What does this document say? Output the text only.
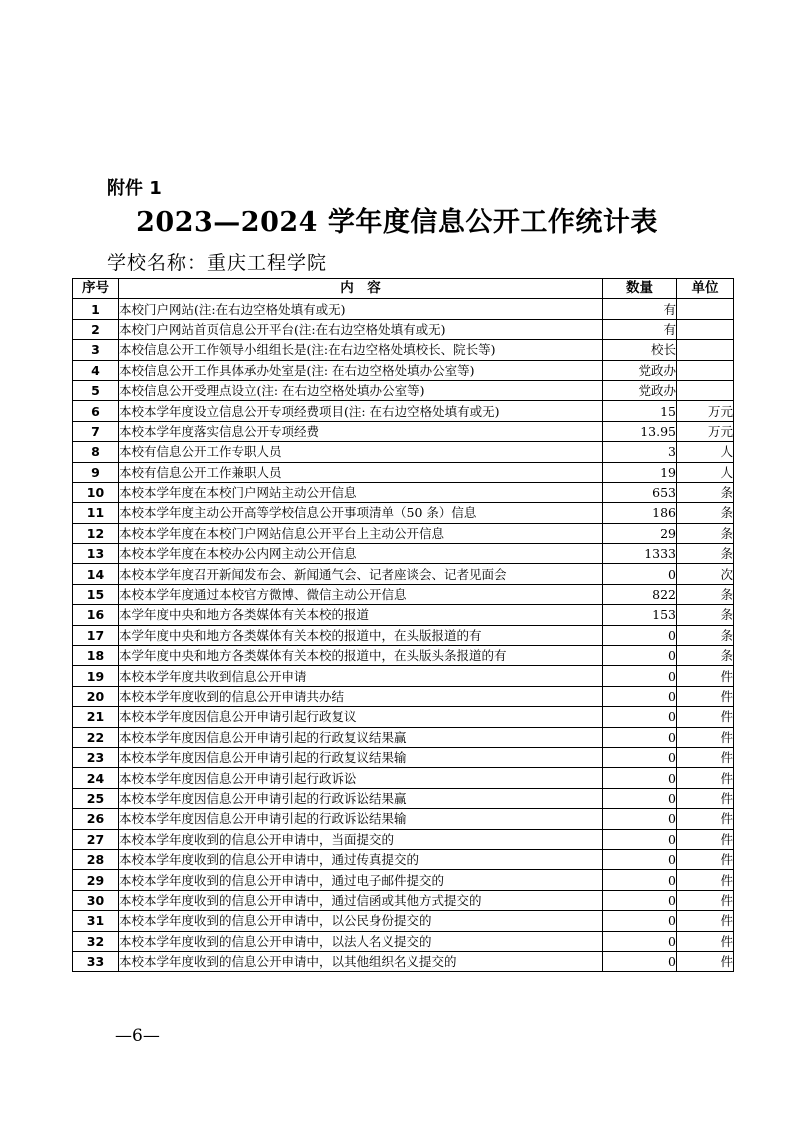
附件 1
2023—2024 学年度信息公开工作统计表
学校名称：重庆工程学院
序号	内　容	数量	单位
1	本校门户网站(注:在右边空格处填有或无)	有	
2	本校门户网站首页信息公开平台(注:在右边空格处填有或无)	有	
3	本校信息公开工作领导小组组长是(注:在右边空格处填校长、院长等)	校长	
4	本校信息公开工作具体承办处室是(注: 在右边空格处填办公室等)	党政办	
5	本校信息公开受理点设立(注: 在右边空格处填办公室等)	党政办	
6	本校本学年度设立信息公开专项经费项目(注: 在右边空格处填有或无)	15	万元
7	本校本学年度落实信息公开专项经费	13.95	万元
8	本校有信息公开工作专职人员	3	人
9	本校有信息公开工作兼职人员	19	人
10	本校本学年度在本校门户网站主动公开信息	653	条
11	本校本学年度主动公开高等学校信息公开事项清单（50 条）信息	186	条
12	本校本学年度在本校门户网站信息公开平台上主动公开信息	29	条
13	本校本学年度在本校办公内网主动公开信息	1333	条
14	本校本学年度召开新闻发布会、新闻通气会、记者座谈会、记者见面会	0	次
15	本校本学年度通过本校官方微博、微信主动公开信息	822	条
16	本学年度中央和地方各类媒体有关本校的报道	153	条
17	本学年度中央和地方各类媒体有关本校的报道中，在头版报道的有	0	条
18	本学年度中央和地方各类媒体有关本校的报道中，在头版头条报道的有	0	条
19	本校本学年度共收到信息公开申请	0	件
20	本校本学年度收到的信息公开申请共办结	0	件
21	本校本学年度因信息公开申请引起行政复议	0	件
22	本校本学年度因信息公开申请引起的行政复议结果赢	0	件
23	本校本学年度因信息公开申请引起的行政复议结果输	0	件
24	本校本学年度因信息公开申请引起行政诉讼	0	件
25	本校本学年度因信息公开申请引起的行政诉讼结果赢	0	件
26	本校本学年度因信息公开申请引起的行政诉讼结果输	0	件
27	本校本学年度收到的信息公开申请中，当面提交的	0	件
28	本校本学年度收到的信息公开申请中，通过传真提交的	0	件
29	本校本学年度收到的信息公开申请中，通过电子邮件提交的	0	件
30	本校本学年度收到的信息公开申请中，通过信函或其他方式提交的	0	件
31	本校本学年度收到的信息公开申请中，以公民身份提交的	0	件
32	本校本学年度收到的信息公开申请中，以法人名义提交的	0	件
33	本校本学年度收到的信息公开申请中，以其他组织名义提交的	0	件
—6—
